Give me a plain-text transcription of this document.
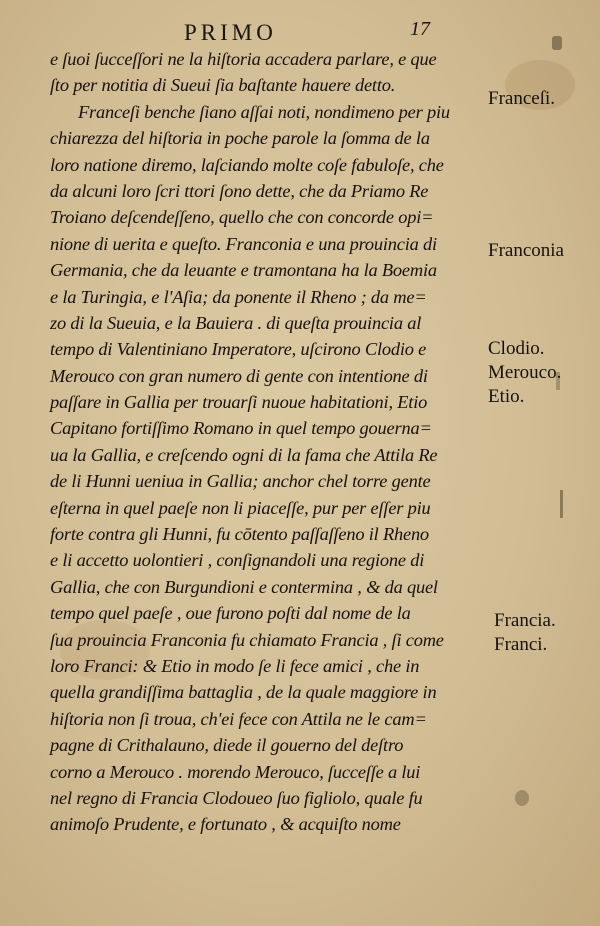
PRIMO	17
e ſuoi ſucceſſori ne la hiſtoria accadera parlare, e que
ſto per notitia di Sueui ſia baſtante hauere detto.
Franceſi benche ſiano aſſai noti, nondimeno per piu
chiarezza del hiſtoria in poche parole la ſomma de la
loro natione diremo, laſciando molte coſe fabuloſe, che
da alcuni loro ſcri ttori ſono dette, che da Priamo Re
Troiano deſcendeſſeno, quello che con concorde opi=
nione di uerita e queſto. Franconia e una prouincia di
Germania, che da leuante e tramontana ha la Boemia
e la Turingia, e l'Aſia; da ponente il Rheno ; da me=
zo di la Sueuia, e la Bauiera . di queſta prouincia al
tempo di Valentiniano Imperatore, uſcirono Clodio e
Merouco con gran numero di gente con intentione di
paſſare in Gallia per trouarſi nuoue habitationi, Etio
Capitano fortiſſimo Romano in quel tempo gouerna=
ua la Gallia, e creſcendo ogni di la fama che Attila Re
de li Hunni ueniua in Gallia; anchor chel torre gente
eſterna in quel paeſe non li piaceſſe, pur per eſſer piu
forte contra gli Hunni, fu cōtento paſſaſſeno il Rheno
e li accetto uolontieri , conſignandoli una regione di
Gallia, che con Burgundioni e contermina , & da quel
tempo quel paeſe , oue furono poſti dal nome de la
ſua prouincia Franconia fu chiamato Francia , ſi come
loro Franci: & Etio in modo ſe li fece amici , che in
quella grandiſſima battaglia , de la quale maggiore in
hiſtoria non ſi troua, ch'ei fece con Attila ne le cam=
pagne di Crithalauno, diede il gouerno del deſtro
corno a Merouco . morendo Merouco, ſucceſſe a lui
nel regno di Francia Clodoueo ſuo figliolo, quale fu
animoſo Prudente, e fortunato , & acquiſto nome
Franceſi.
Franconia
Clodio.
Merouco.
Etio.
Francia.
Franci.
